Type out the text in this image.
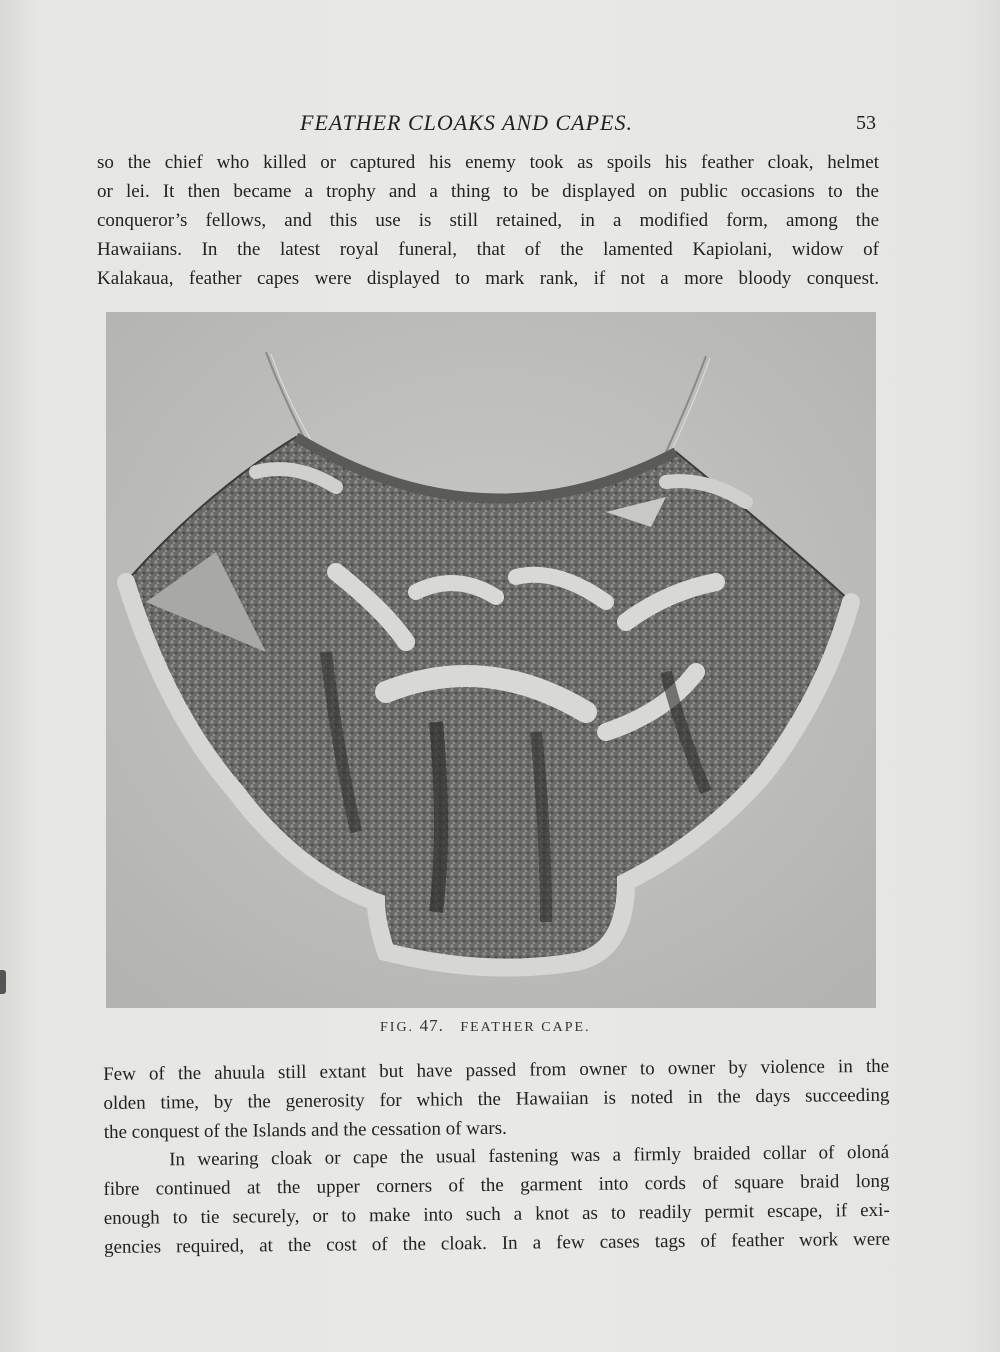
FEATHER CLOAKS AND CAPES.	53
so the chief who killed or captured his enemy took as spoils his feather cloak, helmet
or lei. It then became a trophy and a thing to be displayed on public occasions to the
conqueror’s fellows, and this use is still retained, in a modified form, among the
Hawaiians. In the latest royal funeral, that of the lamented Kapiolani, widow of
Kalakaua, feather capes were displayed to mark rank, if not a more bloody conquest.
FIG. 47. FEATHER CAPE.
Few of the ahuula still extant but have passed from owner to owner by violence in the
olden time, by the generosity for which the Hawaiian is noted in the days succeeding
the conquest of the Islands and the cessation of wars.
In wearing cloak or cape the usual fastening was a firmly braided collar of oloná
fibre continued at the upper corners of the garment into cords of square braid long
enough to tie securely, or to make into such a knot as to readily permit escape, if exi-
gencies required, at the cost of the cloak. In a few cases tags of feather work were
